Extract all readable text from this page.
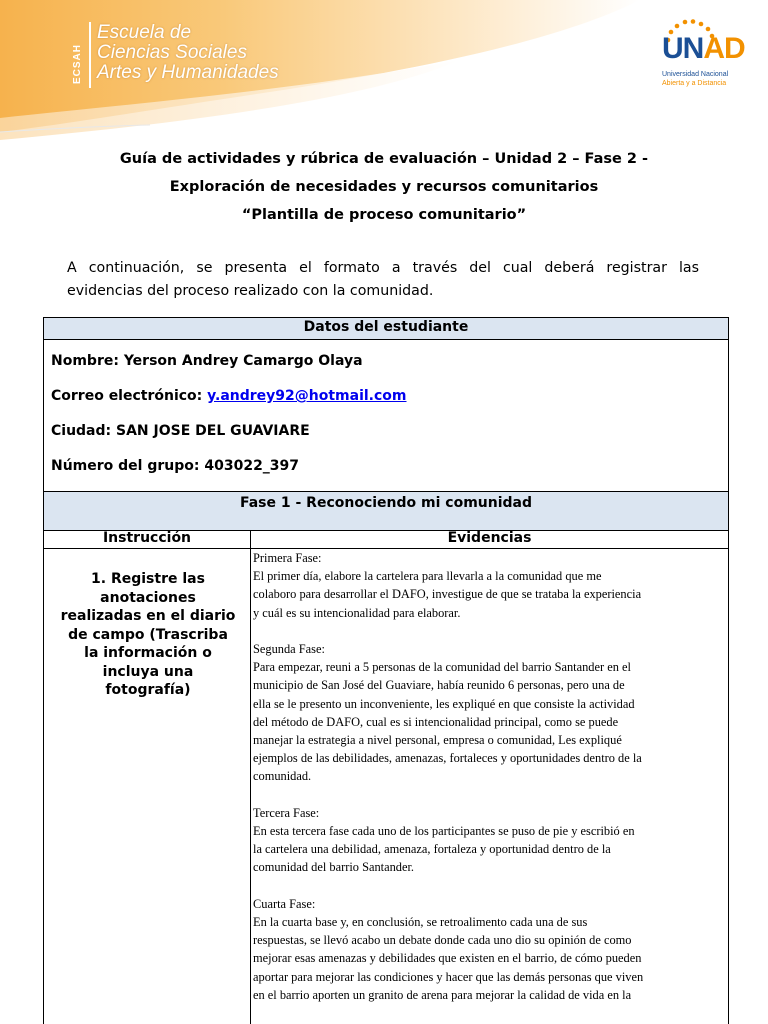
ECSAH
Escuela de
Ciencias Sociales
Artes y Humanidades
UNAD
Universidad Nacional
Abierta y a Distancia
Guía de actividades y rúbrica de evaluación – Unidad 2 – Fase 2 -
Exploración de necesidades y recursos comunitarios
“Plantilla de proceso comunitario”
A continuación, se presenta el formato a través del cual deberá registrar las
evidencias del proceso realizado con la comunidad.
Datos del estudiante
Nombre: Yerson Andrey Camargo Olaya
Correo electrónico: y.andrey92@hotmail.com
Ciudad: SAN JOSE DEL GUAVIARE
Número del grupo: 403022_397
Fase 1 - Reconociendo mi comunidad
Instrucción	Evidencias
1. Registre las
anotaciones
realizadas en el diario
de campo (Trascriba
la información o
incluya una
fotografía)
Primera Fase:
El primer día, elabore la cartelera para llevarla a la comunidad que me
colaboro para desarrollar el DAFO, investigue de que se trataba la experiencia
y cuál es su intencionalidad para elaborar.
Segunda Fase:
Para empezar, reuni a 5 personas de la comunidad del barrio Santander en el
municipio de San José del Guaviare, había reunido 6 personas, pero una de
ella se le presento un inconveniente, les expliqué en que consiste la actividad
del método de DAFO, cual es si intencionalidad principal, como se puede
manejar la estrategia a nivel personal, empresa o comunidad, Les expliqué
ejemplos de las debilidades, amenazas, fortaleces y oportunidades dentro de la
comunidad.
Tercera Fase:
En esta tercera fase cada uno de los participantes se puso de pie y escribió en
la cartelera una debilidad, amenaza, fortaleza y oportunidad dentro de la
comunidad del barrio Santander.
Cuarta Fase:
En la cuarta base y, en conclusión, se retroalimento cada una de sus
respuestas, se llevó acabo un debate donde cada uno dio su opinión de como
mejorar esas amenazas y debilidades que existen en el barrio, de cómo pueden
aportar para mejorar las condiciones y hacer que las demás personas que viven
en el barrio aporten un granito de arena para mejorar la calidad de vida en la
